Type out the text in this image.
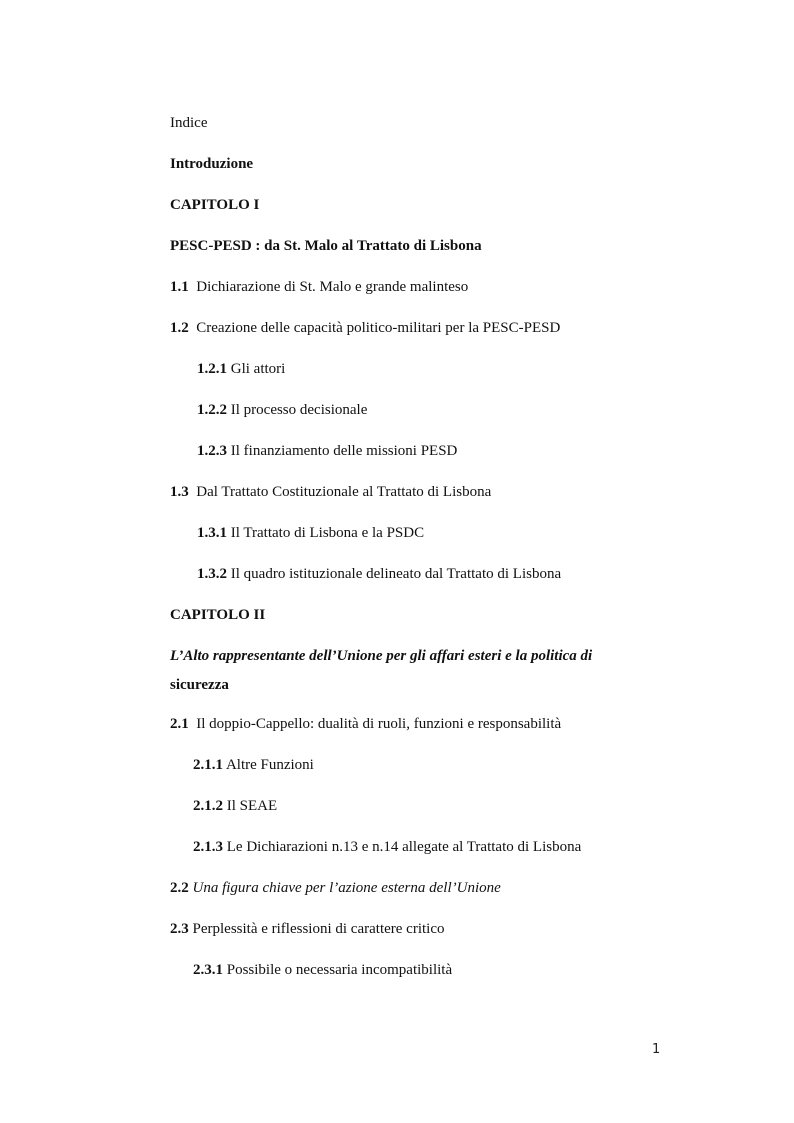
Indice

Introduzione

CAPITOLO I

PESC-PESD : da St. Malo al Trattato di Lisbona

1.1 Dichiarazione di St. Malo e grande malinteso

1.2 Creazione delle capacità politico-militari per la PESC-PESD

1.2.1 Gli attori

1.2.2 Il processo decisionale

1.2.3 Il finanziamento delle missioni PESD

1.3 Dal Trattato Costituzionale al Trattato di Lisbona

1.3.1 Il Trattato di Lisbona e la PSDC

1.3.2 Il quadro istituzionale delineato dal Trattato di Lisbona

CAPITOLO II

L’Alto rappresentante dell’Unione per gli affari esteri e la politica di

sicurezza

2.1 Il doppio-Cappello: dualità di ruoli, funzioni e responsabilità

2.1.1 Altre Funzioni

2.1.2 Il SEAE

2.1.3 Le Dichiarazioni n.13 e n.14 allegate al Trattato di Lisbona

2.2 Una figura chiave per l’azione esterna dell’Unione

2.3 Perplessità e riflessioni di carattere critico

2.3.1 Possibile o necessaria incompatibilità

1
